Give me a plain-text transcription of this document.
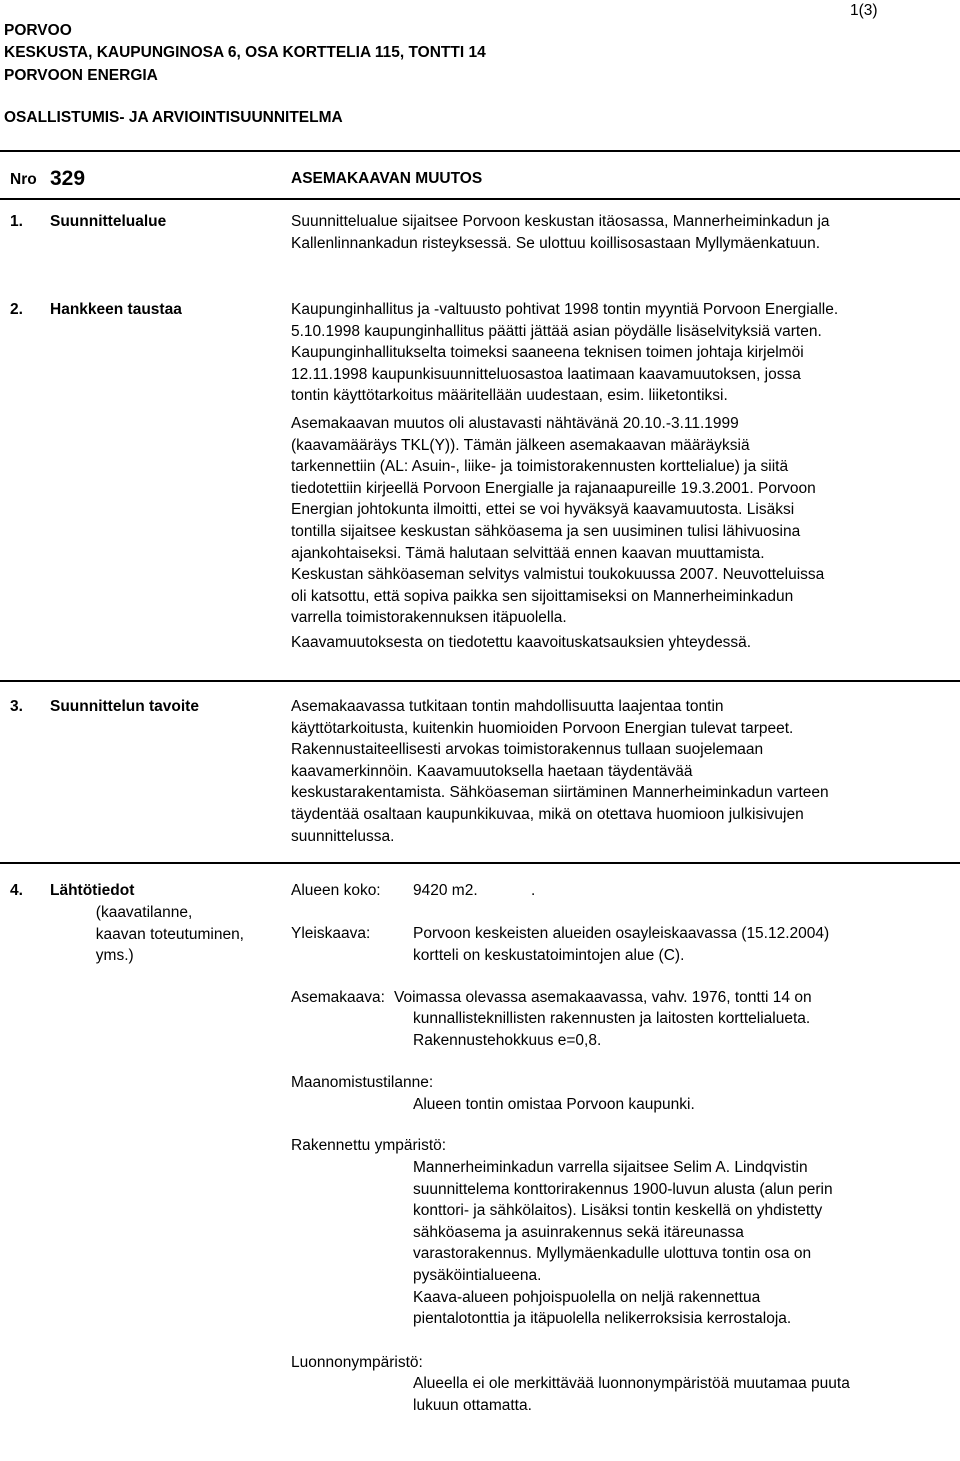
PORVOO
KESKUSTA, KAUPUNGINOSA 6, OSA KORTTELIA 115, TONTTI 14
PORVOON ENERGIA
1(3)
OSALLISTUMIS- JA ARVIOINTISUUNNITELMA
Nro 329	ASEMAKAAVAN MUUTOS
1. Suunnittelualue	Suunnittelualue sijaitsee Porvoon keskustan itäosassa, Mannerheiminkadun ja
Kallenlinnankadun risteyksessä. Se ulottuu koillisosastaan Myllymäenkatuun.
2. Hankkeen taustaa	Kaupunginhallitus ja -valtuusto pohtivat 1998 tontin myyntiä Porvoon Energialle.
5.10.1998 kaupunginhallitus päätti jättää asian pöydälle lisäselvityksiä varten.
Kaupunginhallitukselta toimeksi saaneena teknisen toimen johtaja kirjelmöi
12.11.1998 kaupunkisuunnitteluosastoa laatimaan kaavamuutoksen, jossa
tontin käyttötarkoitus määritellään uudestaan, esim. liiketontiksi.
Asemakaavan muutos oli alustavasti nähtävänä 20.10.-3.11.1999
(kaavamääräys TKL(Y)). Tämän jälkeen asemakaavan määräyksiä
tarkennettiin (AL: Asuin-, liike- ja toimistorakennusten korttelialue) ja siitä
tiedotettiin kirjeellä Porvoon Energialle ja rajanaapureille 19.3.2001. Porvoon
Energian johtokunta ilmoitti, ettei se voi hyväksyä kaavamuutosta. Lisäksi
tontilla sijaitsee keskustan sähköasema ja sen uusiminen tulisi lähivuosina
ajankohtaiseksi. Tämä halutaan selvittää ennen kaavan muuttamista.
Keskustan sähköaseman selvitys valmistui toukokuussa 2007. Neuvotteluissa
oli katsottu, että sopiva paikka sen sijoittamiseksi on Mannerheiminkadun
varrella toimistorakennuksen itäpuolella.
Kaavamuutoksesta on tiedotettu kaavoituskatsauksien yhteydessä.
3. Suunnittelun tavoite	Asemakaavassa tutkitaan tontin mahdollisuutta laajentaa tontin
käyttötarkoitusta, kuitenkin huomioiden Porvoon Energian tulevat tarpeet.
Rakennustaiteellisesti arvokas toimistorakennus tullaan suojelemaan
kaavamerkinnöin. Kaavamuutoksella haetaan täydentävää
keskustarakentamista. Sähköaseman siirtäminen Mannerheiminkadun varteen
täydentää osaltaan kaupunkikuvaa, mikä on otettava huomioon julkisivujen
suunnittelussa.
4. Lähtötiedot
(kaavatilanne,
kaavan toteutuminen,
yms.)
Alueen koko: 9420 m2.	.
Yleiskaava:	Porvoon keskeisten alueiden osayleiskaavassa (15.12.2004)
kortteli on keskustatoimintojen alue (C).
Asemakaava: Voimassa olevassa asemakaavassa, vahv. 1976, tontti 14 on
kunnallisteknillisten rakennusten ja laitosten korttelialueta.
Rakennustehokkuus e=0,8.
Maanomistustilanne:
Alueen tontin omistaa Porvoon kaupunki.
Rakennettu ympäristö:
Mannerheiminkadun varrella sijaitsee Selim A. Lindqvistin
suunnittelema konttorirakennus 1900-luvun alusta (alun perin
konttori- ja sähkölaitos). Lisäksi tontin keskellä on yhdistetty
sähköasema ja asuinrakennus sekä itäreunassa
varastorakennus. Myllymäenkadulle ulottuva tontin osa on
pysäköintialueena.
Kaava-alueen pohjoispuolella on neljä rakennettua
pientalotonttia ja itäpuolella nelikerroksisia kerrostaloja.
Luonnonympäristö:
Alueella ei ole merkittävää luonnonympäristöä muutamaa puuta
lukuun ottamatta.
